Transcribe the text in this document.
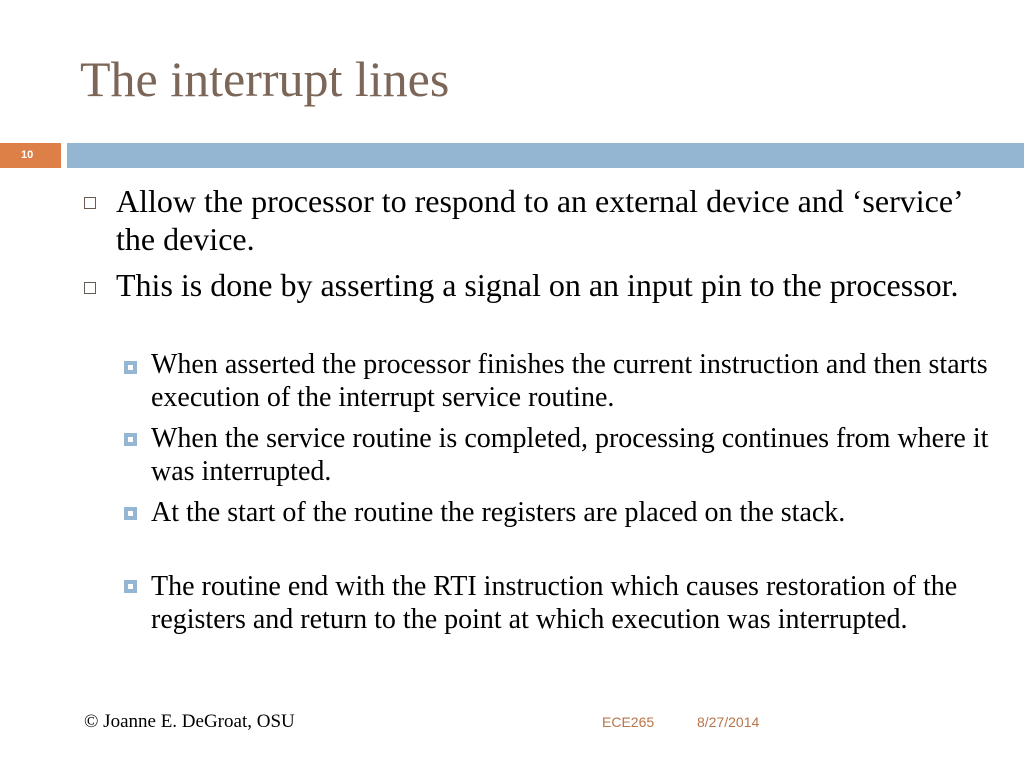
The interrupt lines
10
Allow the processor to respond to an external device and ‘service’ the device.
This is done by asserting a signal on an input pin to the processor.
When asserted the processor finishes the current instruction and then starts execution of the interrupt service routine.
When the service routine is completed, processing continues from where it was interrupted.
At the start of the routine the registers are placed on the stack.
The routine end with the RTI instruction which causes restoration of the registers and return to the point at which execution was interrupted.
© Joanne E. DeGroat, OSU	ECE265	8/27/2014
